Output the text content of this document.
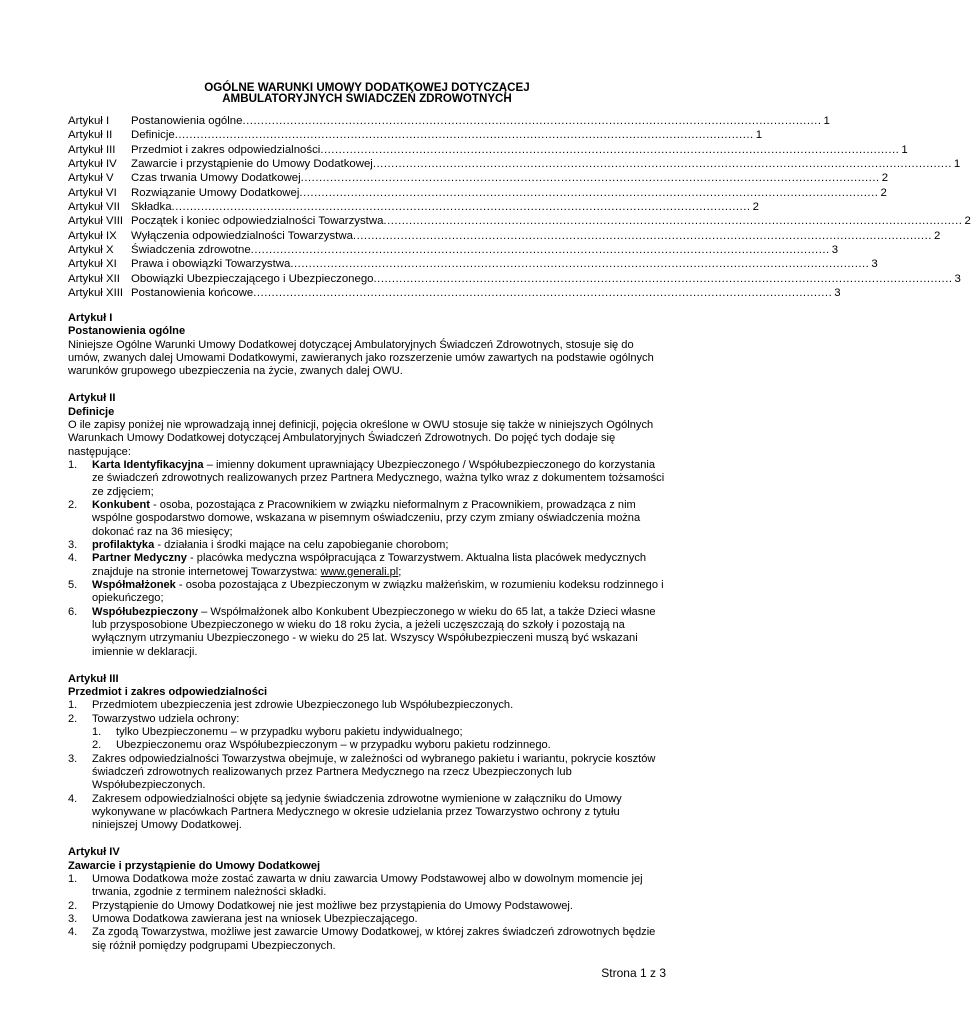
OGÓLNE WARUNKI UMOWY DODATKOWEJ DOTYCZĄCEJ
AMBULATORYJNYCH ŚWIADCZEŃ ZDROWOTNYCH
Artykuł I	Postanowienia ogólne .............................................................................................................................................................. 1
Artykuł II	Definicje .............................................................................................................................................................. 1
Artykuł III	Przedmiot i zakres odpowiedzialności .............................................................................................................................................................. 1
Artykuł IV	Zawarcie i przystąpienie do Umowy Dodatkowej .............................................................................................................................................................. 1
Artykuł V	Czas trwania Umowy Dodatkowej .............................................................................................................................................................. 2
Artykuł VI	Rozwiązanie Umowy Dodatkowej .............................................................................................................................................................. 2
Artykuł VII Składka .............................................................................................................................................................. 2
Artykuł VIII Początek i koniec odpowiedzialności Towarzystwa .............................................................................................................................................................. 2
Artykuł IX	Wyłączenia odpowiedzialności Towarzystwa .............................................................................................................................................................. 2
Artykuł X	Świadczenia zdrowotne .............................................................................................................................................................. 3
Artykuł XI	Prawa i obowiązki Towarzystwa .............................................................................................................................................................. 3
Artykuł XII Obowiązki Ubezpieczającego i Ubezpieczonego .............................................................................................................................................................. 3
Artykuł XIII Postanowienia końcowe .............................................................................................................................................................. 3
Artykuł I
Postanowienia ogólne

Niniejsze Ogólne Warunki Umowy Dodatkowej dotyczącej Ambulatoryjnych Świadczeń Zdrowotnych, stosuje się do umów, zwanych dalej Umowami Dodatkowymi, zawieranych jako rozszerzenie umów zawartych na podstawie ogólnych warunków grupowego ubezpieczenia na życie, zwanych dalej OWU.

Artykuł II
Definicje

O ile zapisy poniżej nie wprowadzają innej definicji, pojęcia określone w OWU stosuje się także w niniejszych Ogólnych Warunkach Umowy Dodatkowej dotyczącej Ambulatoryjnych Świadczeń Zdrowotnych. Do pojęć tych dodaje się następujące:

1. Karta Identyfikacyjna – imienny dokument uprawniający Ubezpieczonego / Współubezpieczonego do korzystania ze świadczeń zdrowotnych realizowanych przez Partnera Medycznego, ważna tylko wraz z dokumentem tożsamości ze zdjęciem;
2. Konkubent - osoba, pozostająca z Pracownikiem w związku nieformalnym z Pracownikiem, prowadząca z nim wspólne gospodarstwo domowe, wskazana w pisemnym oświadczeniu, przy czym zmiany oświadczenia można dokonać raz na 36 miesięcy;
3. profilaktyka - działania i środki mające na celu zapobieganie chorobom;
4. Partner Medyczny - placówka medyczna współpracująca z Towarzystwem. Aktualna lista placówek medycznych znajduje na stronie internetowej Towarzystwa: www.generali.pl;
5. Współmałżonek - osoba pozostająca z Ubezpieczonym w związku małżeńskim, w rozumieniu kodeksu rodzinnego i opiekuńczego;
6. Współubezpieczony – Współmałżonek albo Konkubent Ubezpieczonego w wieku do 65 lat, a także Dzieci własne lub przysposobione Ubezpieczonego w wieku do 18 roku życia, a jeżeli uczęszczają do szkoły i pozostają na wyłącznym utrzymaniu Ubezpieczonego - w wieku do 25 lat. Wszyscy Współubezpieczeni muszą być wskazani imiennie w deklaracji.
Artykuł III
Przedmiot i zakres odpowiedzialności
1. Przedmiotem ubezpieczenia jest zdrowie Ubezpieczonego lub Współubezpieczonych.
2. Towarzystwo udziela ochrony:
1. tylko Ubezpieczonemu – w przypadku wyboru pakietu indywidualnego;
2. Ubezpieczonemu oraz Współubezpieczonym – w przypadku wyboru pakietu rodzinnego.
3. Zakres odpowiedzialności Towarzystwa obejmuje, w zależności od wybranego pakietu i wariantu, pokrycie kosztów świadczeń zdrowotnych realizowanych przez Partnera Medycznego na rzecz Ubezpieczonych lub Współubezpieczonych.
4. Zakresem odpowiedzialności objęte są jedynie świadczenia zdrowotne wymienione w załączniku do Umowy wykonywane w placówkach Partnera Medycznego w okresie udzielania przez Towarzystwo ochrony z tytułu niniejszej Umowy Dodatkowej.
Artykuł IV
Zawarcie i przystąpienie do Umowy Dodatkowej
1. Umowa Dodatkowa może zostać zawarta w dniu zawarcia Umowy Podstawowej albo w dowolnym momencie jej trwania, zgodnie z terminem należności składki.
2. Przystąpienie do Umowy Dodatkowej nie jest możliwe bez przystąpienia do Umowy Podstawowej.
3. Umowa Dodatkowa zawierana jest na wniosek Ubezpieczającego.
4. Za zgodą Towarzystwa, możliwe jest zawarcie Umowy Dodatkowej, w której zakres świadczeń zdrowotnych będzie się różnił pomiędzy podgrupami Ubezpieczonych.
Strona 1 z 3
